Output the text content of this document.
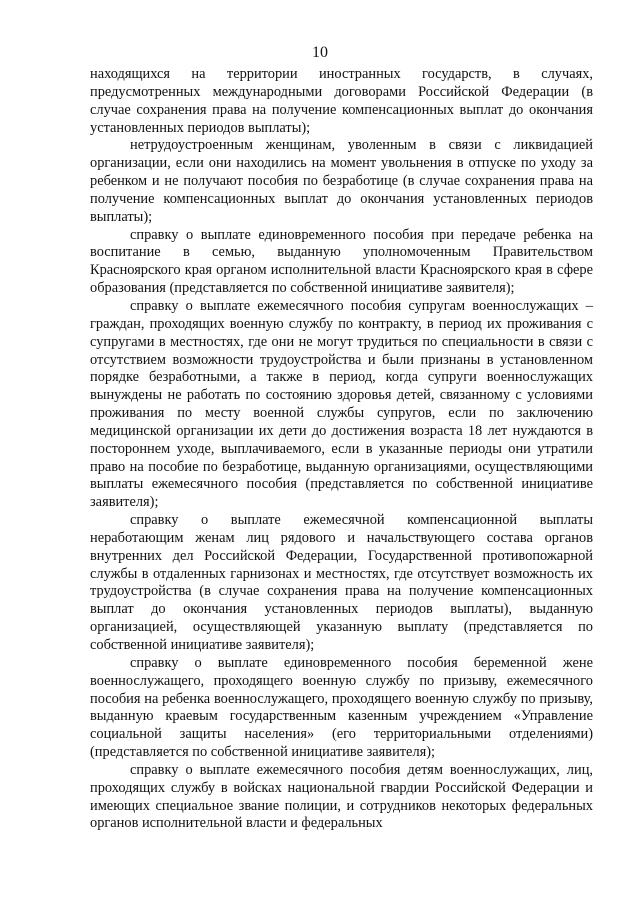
10

находящихся на территории иностранных государств, в случаях, предусмотренных международными договорами Российской Федерации (в случае сохранения права на получение компенсационных выплат до окончания установленных периодов выплаты);

нетрудоустроенным женщинам, уволенным в связи с ликвидацией организации, если они находились на момент увольнения в отпуске по уходу за ребенком и не получают пособия по безработице (в случае сохранения права на получение компенсационных выплат до окончания установленных периодов выплаты);

справку о выплате единовременного пособия при передаче ребенка на воспитание в семью, выданную уполномоченным Правительством Красноярского края органом исполнительной власти Красноярского края в сфере образования (представляется по собственной инициативе заявителя);

справку о выплате ежемесячного пособия супругам военнослужащих – граждан, проходящих военную службу по контракту, в период их проживания с супругами в местностях, где они не могут трудиться по специальности в связи с отсутствием возможности трудоустройства и были признаны в установленном порядке безработными, а также в период, когда супруги военнослужащих вынуждены не работать по состоянию здоровья детей, связанному с условиями проживания по месту военной службы супругов, если по заключению медицинской организации их дети до достижения возраста 18 лет нуждаются в постороннем уходе, выплачиваемого, если в указанные периоды они утратили право на пособие по безработице, выданную организациями, осуществляющими выплаты ежемесячного пособия (представляется по собственной инициативе заявителя);

справку о выплате ежемесячной компенсационной выплаты неработающим женам лиц рядового и начальствующего состава органов внутренних дел Российской Федерации, Государственной противопожарной службы в отдаленных гарнизонах и местностях, где отсутствует возможность их трудоустройства (в случае сохранения права на получение компенсационных выплат до окончания установленных периодов выплаты), выданную организацией, осуществляющей указанную выплату (представляется по собственной инициативе заявителя);

справку о выплате единовременного пособия беременной жене военнослужащего, проходящего военную службу по призыву, ежемесячного пособия на ребенка военнослужащего, проходящего военную службу по призыву, выданную краевым государственным казенным учреждением «Управление социальной защиты населения» (его территориальными отделениями) (представляется по собственной инициативе заявителя);

справку о выплате ежемесячного пособия детям военнослужащих, лиц, проходящих службу в войсках национальной гвардии Российской Федерации и имеющих специальное звание полиции, и сотрудников некоторых федеральных органов исполнительной власти и федеральных
